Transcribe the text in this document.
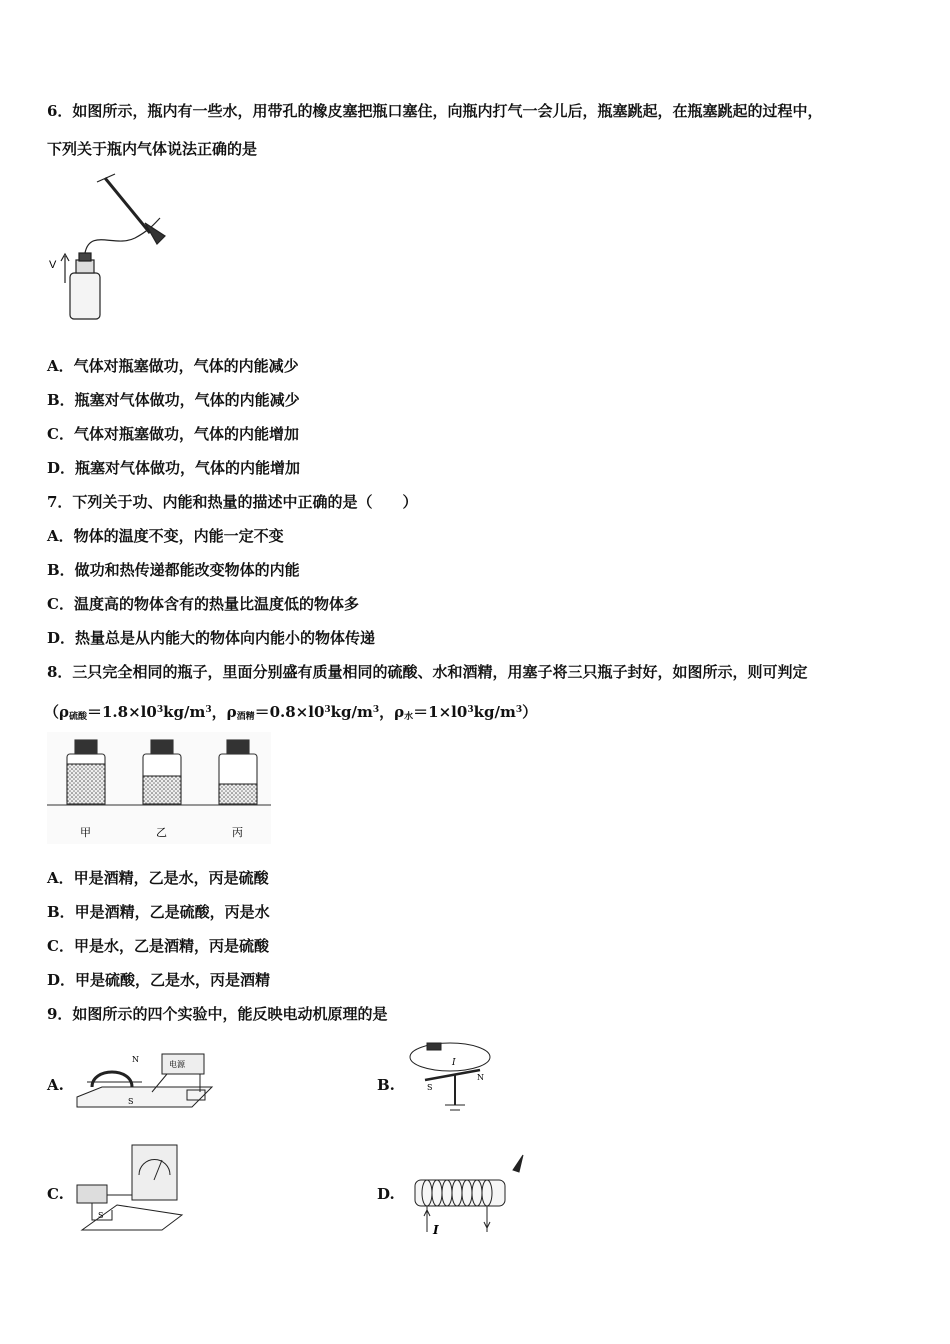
6．如图所示，瓶内有一些水，用带孔的橡皮塞把瓶口塞住，向瓶内打气一会儿后，瓶塞跳起，在瓶塞跳起的过程中，
下列关于瓶内气体说法正确的是
V
A．气体对瓶塞做功，气体的内能减少
B．瓶塞对气体做功，气体的内能减少
C．气体对瓶塞做功，气体的内能增加
D．瓶塞对气体做功，气体的内能增加
7．下列关于功、内能和热量的描述中正确的是（　　）
A．物体的温度不变，内能一定不变
B．做功和热传递都能改变物体的内能
C．温度高的物体含有的热量比温度低的物体多
D．热量总是从内能大的物体向内能小的物体传递
8．三只完全相同的瓶子，里面分别盛有质量相同的硫酸、水和酒精，用塞子将三只瓶子封好，如图所示，则可判定
（$\rho_{硫酸}=1.8\times l0^3kg/m^3$，$\rho_{酒精}=0.8\times l0^3kg/m^3$，$\rho_水=1\times l0^3kg/m^3$）
甲	乙	丙
A．甲是酒精，乙是水，丙是硫酸
B．甲是酒精，乙是硫酸，丙是水
C．甲是水，乙是酒精，丙是硫酸
D．甲是硫酸，乙是水，丙是酒精
9．如图所示的四个实验中，能反映电动机原理的是
A.
电源
N
S
B.
I
S
N
C.
S
D.
I
